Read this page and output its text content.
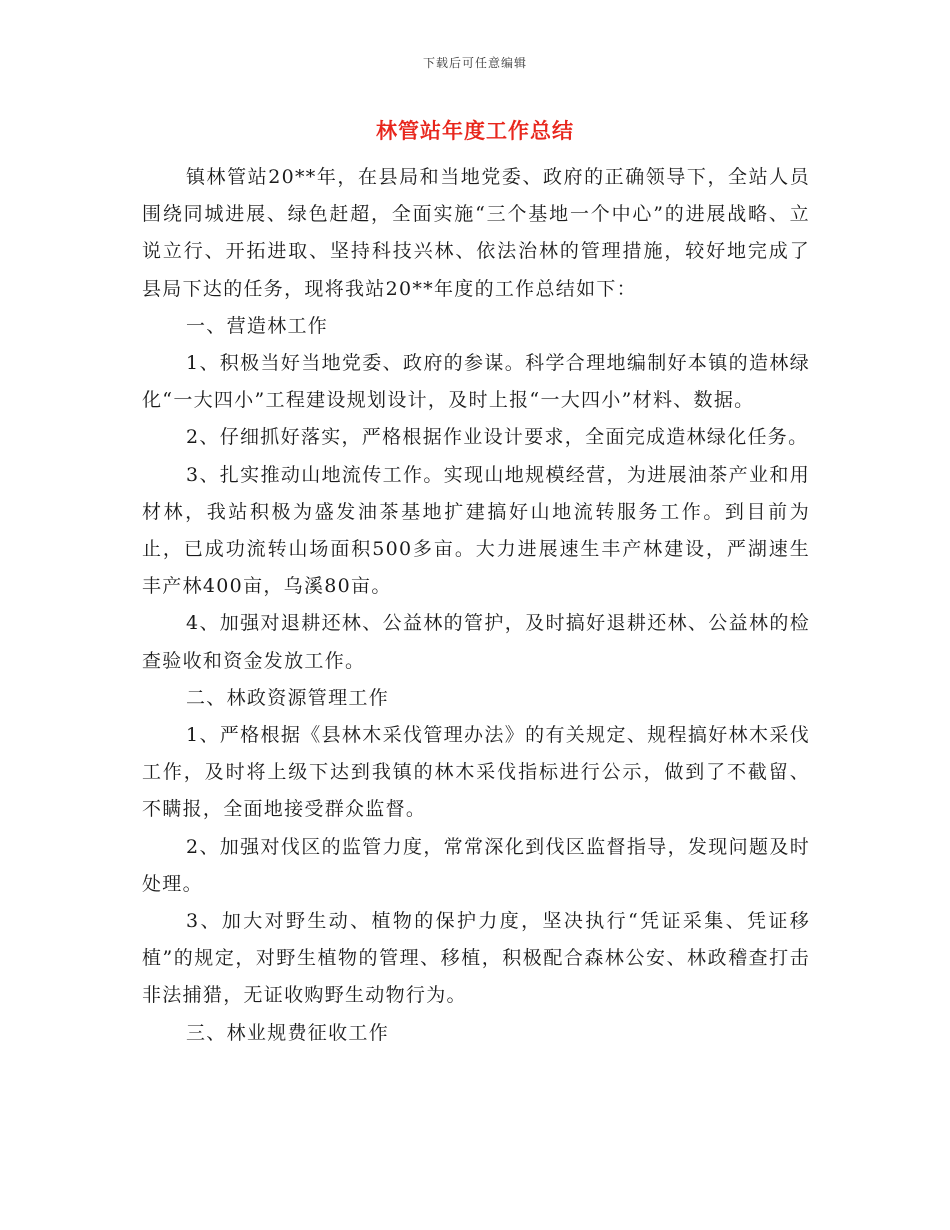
下载后可任意编辑
林管站年度工作总结

镇林管站20**年，在县局和当地党委、政府的正确领导下，全站人员围绕同城进展、绿色赶超，全面实施“三个基地一个中心”的进展战略、立说立行、开拓进取、坚持科技兴林、依法治林的管理措施，较好地完成了县局下达的任务，现将我站20**年度的工作总结如下：

一、营造林工作

1、积极当好当地党委、政府的参谋。科学合理地编制好本镇的造林绿化“一大四小”工程建设规划设计，及时上报“一大四小”材料、数据。

2、仔细抓好落实，严格根据作业设计要求，全面完成造林绿化任务。

3、扎实推动山地流传工作。实现山地规模经营，为进展油茶产业和用材林，我站积极为盛发油茶基地扩建搞好山地流转服务工作。到目前为止，已成功流转山场面积500多亩。大力进展速生丰产林建设，严湖速生丰产林400亩，乌溪80亩。

4、加强对退耕还林、公益林的管护，及时搞好退耕还林、公益林的检查验收和资金发放工作。

二、林政资源管理工作

1、严格根据《县林木采伐管理办法》的有关规定、规程搞好林木采伐工作，及时将上级下达到我镇的林木采伐指标进行公示，做到了不截留、不瞒报，全面地接受群众监督。

2、加强对伐区的监管力度，常常深化到伐区监督指导，发现问题及时处理。

3、加大对野生动、植物的保护力度，坚决执行“凭证采集、凭证移植”的规定，对野生植物的管理、移植，积极配合森林公安、林政稽查打击非法捕猎，无证收购野生动物行为。

三、林业规费征收工作
